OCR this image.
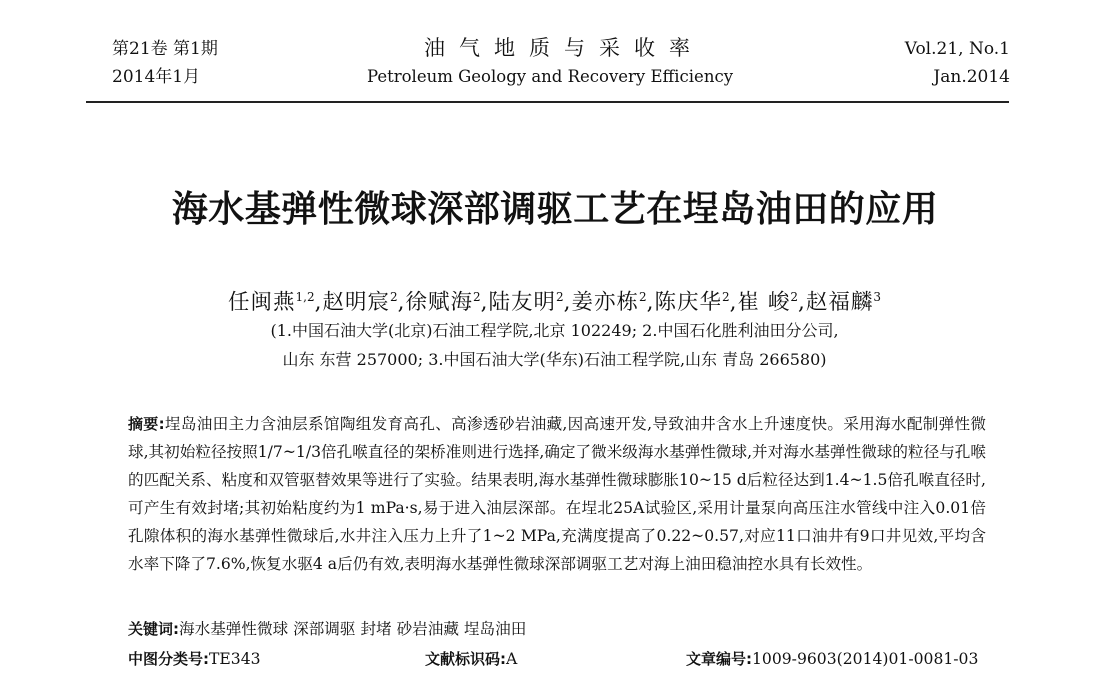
第21卷 第1期
2014年1月
油气地质与采收率
Petroleum Geology and Recovery Efficiency
Vol.21, No.1
Jan.2014
海水基弹性微球深部调驱工艺在埕岛油田的应用
任闽燕$^{1,2}$,赵明宸$^2$,徐赋海$^2$,陆友明$^2$,姜亦栋$^2$,陈庆华$^2$,崔 峻$^2$,赵福麟$^3$
(1.中国石油大学(北京)石油工程学院,北京 102249; 2.中国石化胜利油田分公司,
山东 东营 257000; 3.中国石油大学(华东)石油工程学院,山东 青岛 266580)
摘要:埕岛油田主力含油层系馆陶组发育高孔、高渗透砂岩油藏,因高速开发,导致油井含水上升速度快。采用海水配制弹性微球,其初始粒径按照1/7~1/3倍孔喉直径的架桥准则进行选择,确定了微米级海水基弹性微球,并对海水基弹性微球的粒径与孔喉的匹配关系、粘度和双管驱替效果等进行了实验。结果表明,海水基弹性微球膨胀10~15 d后粒径达到1.4~1.5倍孔喉直径时,可产生有效封堵;其初始粘度约为1 mPa·s,易于进入油层深部。在埕北25A试验区,采用计量泵向高压注水管线中注入0.01倍孔隙体积的海水基弹性微球后,水井注入压力上升了1~2 MPa,充满度提高了0.22~0.57,对应11口油井有9口井见效,平均含水率下降了7.6%,恢复水驱4 a后仍有效,表明海水基弹性微球深部调驱工艺对海上油田稳油控水具有长效性。
关键词:海水基弹性微球 深部调驱 封堵 砂岩油藏 埕岛油田
中图分类号:TE343	文献标识码:A	文章编号:1009-9603(2014)01-0081-03
